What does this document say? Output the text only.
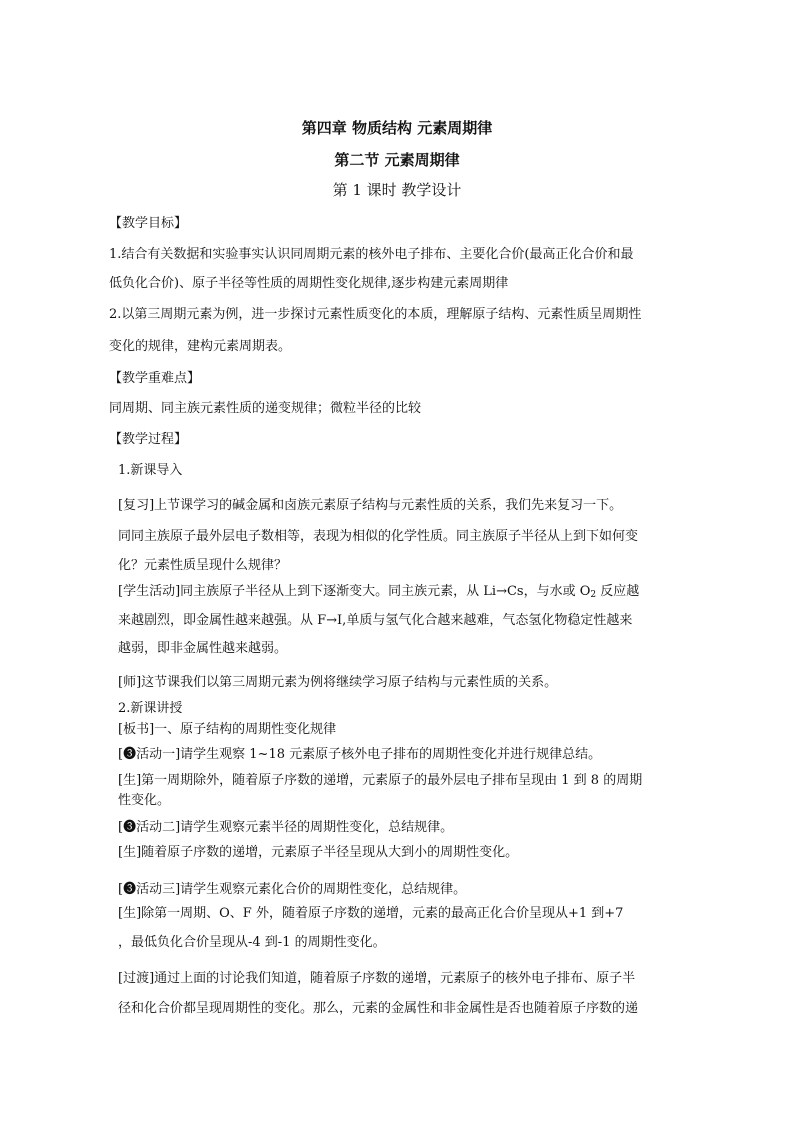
第四章 物质结构 元素周期律
第二节 元素周期律
第 1 课时 教学设计
【教学目标】
1.结合有关数据和实验事实认识同周期元素的核外电子排布、主要化合价(最高正化合价和最
低负化合价)、原子半径等性质的周期性变化规律,逐步构建元素周期律
2.以第三周期元素为例，进一步探讨元素性质变化的本质，理解原子结构、元素性质呈周期性
变化的规律，建构元素周期表。
【教学重难点】
同周期、同主族元素性质的递变规律；微粒半径的比较
【教学过程】
1.新课导入
[复习]上节课学习的碱金属和卤族元素原子结构与元素性质的关系，我们先来复习一下。
同同主族原子最外层电子数相等，表现为相似的化学性质。同主族原子半径从上到下如何变
化？元素性质呈现什么规律？
[学生活动]同主族原子半径从上到下逐渐变大。同主族元素，从 Li→Cs，与水或 $O_2$ 反应越
来越剧烈，即金属性越来越强。从 F→I,单质与氢气化合越来越难，气态氢化物稳定性越来
越弱，即非金属性越来越弱。
[师]这节课我们以第三周期元素为例将继续学习原子结构与元素性质的关系。
2.新课讲授
[板书]一、原子结构的周期性变化规律
[❸活动一]请学生观察 1~18 元素原子核外电子排布的周期性变化并进行规律总结。
[生]第一周期除外，随着原子序数的递增，元素原子的最外层电子排布呈现由 1 到 8 的周期
性变化。
[❸活动二]请学生观察元素半径的周期性变化，总结规律。
[生]随着原子序数的递增，元素原子半径呈现从大到小的周期性变化。
[❸活动三]请学生观察元素化合价的周期性变化，总结规律。
[生]除第一周期、O、F 外，随着原子序数的递增，元素的最高正化合价呈现从+1 到+7
，最低负化合价呈现从-4 到-1 的周期性变化。
[过渡]通过上面的讨论我们知道，随着原子序数的递增，元素原子的核外电子排布、原子半
径和化合价都呈现周期性的变化。那么，元素的金属性和非金属性是否也随着原子序数的递
